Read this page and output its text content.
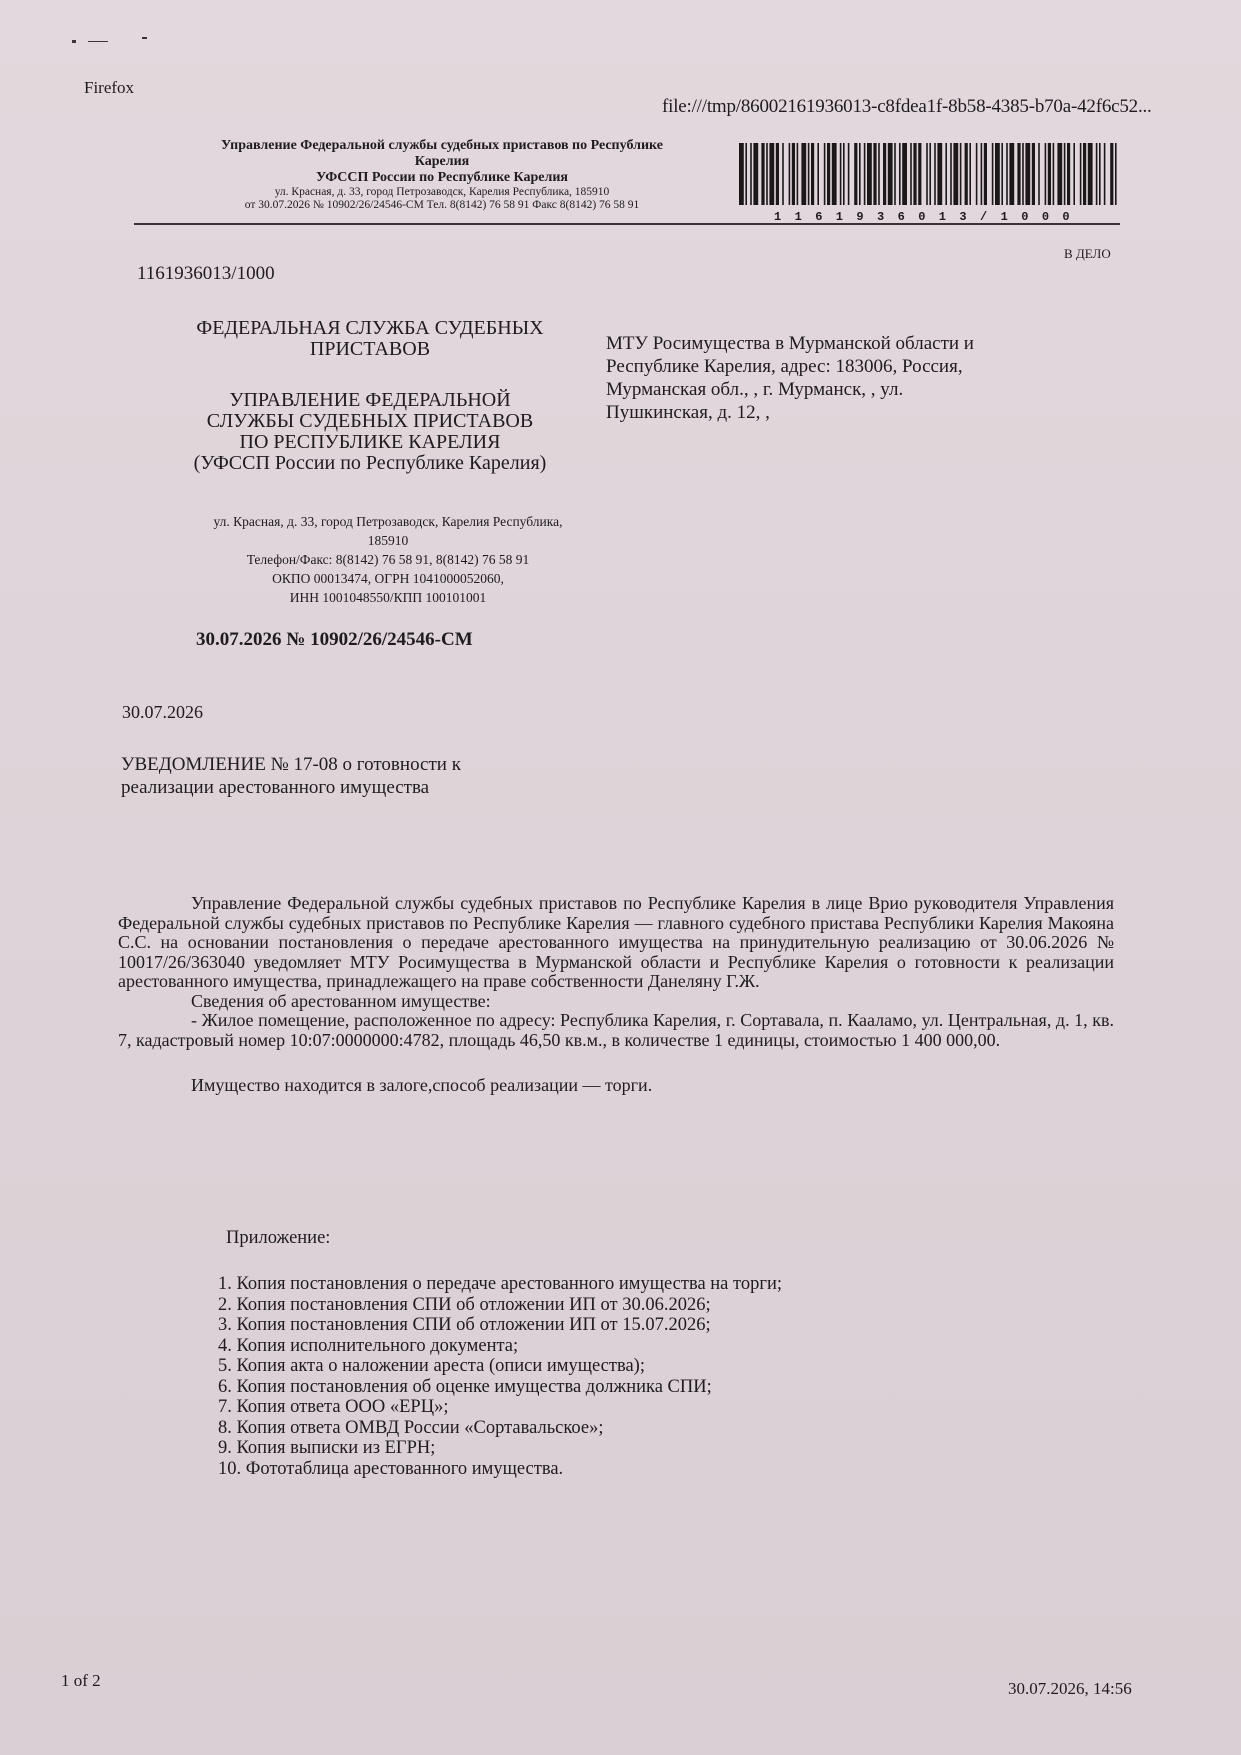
Firefox
file:///tmp/86002161936013-c8fdea1f-8b58-4385-b70a-42f6c52...
Управление Федеральной службы судебных приставов по Республике
Карелия
УФССП России по Республике Карелия
ул. Красная, д. 33, город Петрозаводск, Карелия Республика, 185910
от 30.07.2026 № 10902/26/24546-СМ Тел. 8(8142) 76 58 91 Факс 8(8142) 76 58 91
1161936013/1000
В ДЕЛО
1161936013/1000
ФЕДЕРАЛЬНАЯ СЛУЖБА СУДЕБНЫХ
ПРИСТАВОВ
УПРАВЛЕНИЕ ФЕДЕРАЛЬНОЙ
СЛУЖБЫ СУДЕБНЫХ ПРИСТАВОВ
ПО РЕСПУБЛИКЕ КАРЕЛИЯ
(УФССП России по Республике Карелия)
МТУ Росимущества в Мурманской области и
Республике Карелия, адрес: 183006, Россия,
Мурманская обл., , г. Мурманск, , ул.
Пушкинская, д. 12, ,
ул. Красная, д. 33, город Петрозаводск, Карелия Республика,
185910
Телефон/Факс: 8(8142) 76 58 91, 8(8142) 76 58 91
ОКПО 00013474, ОГРН 1041000052060,
ИНН 1001048550/КПП 100101001
30.07.2026 № 10902/26/24546-СМ
30.07.2026
УВЕДОМЛЕНИЕ № 17-08 о готовности к
реализации арестованного имущества

Управление Федеральной службы судебных приставов по Республике Карелия в лице Врио руководителя Управления Федеральной службы судебных приставов по Республике Карелия — главного судебного пристава Республики Карелия Макояна С.С. на основании постановления о передаче арестованного имущества на принудительную реализацию от 30.06.2026 № 10017/26/363040 уведомляет МТУ Росимущества в Мурманской области и Республике Карелия о готовности к реализации арестованного имущества, принадлежащего на праве собственности Данеляну Г.Ж.

Сведения об арестованном имуществе:

- Жилое помещение, расположенное по адресу: Республика Карелия, г. Сортавала, п. Кааламо, ул. Центральная, д. 1, кв. 7, кадастровый номер 10:07:0000000:4782, площадь 46,50 кв.м., в количестве 1 единицы, стоимостью 1 400 000,00.

Имущество находится в залоге,способ реализации — торги.

Приложение:
1. Копия постановления о передаче арестованного имущества на торги;
2. Копия постановления СПИ об отложении ИП от 30.06.2026;
3. Копия постановления СПИ об отложении ИП от 15.07.2026;
4. Копия исполнительного документа;
5. Копия акта о наложении ареста (описи имущества);
6. Копия постановления об оценке имущества должника СПИ;
7. Копия ответа ООО «ЕРЦ»;
8. Копия ответа ОМВД России «Сортавальское»;
9. Копия выписки из ЕГРН;
10. Фототаблица арестованного имущества.
1 of 2	30.07.2026, 14:56
